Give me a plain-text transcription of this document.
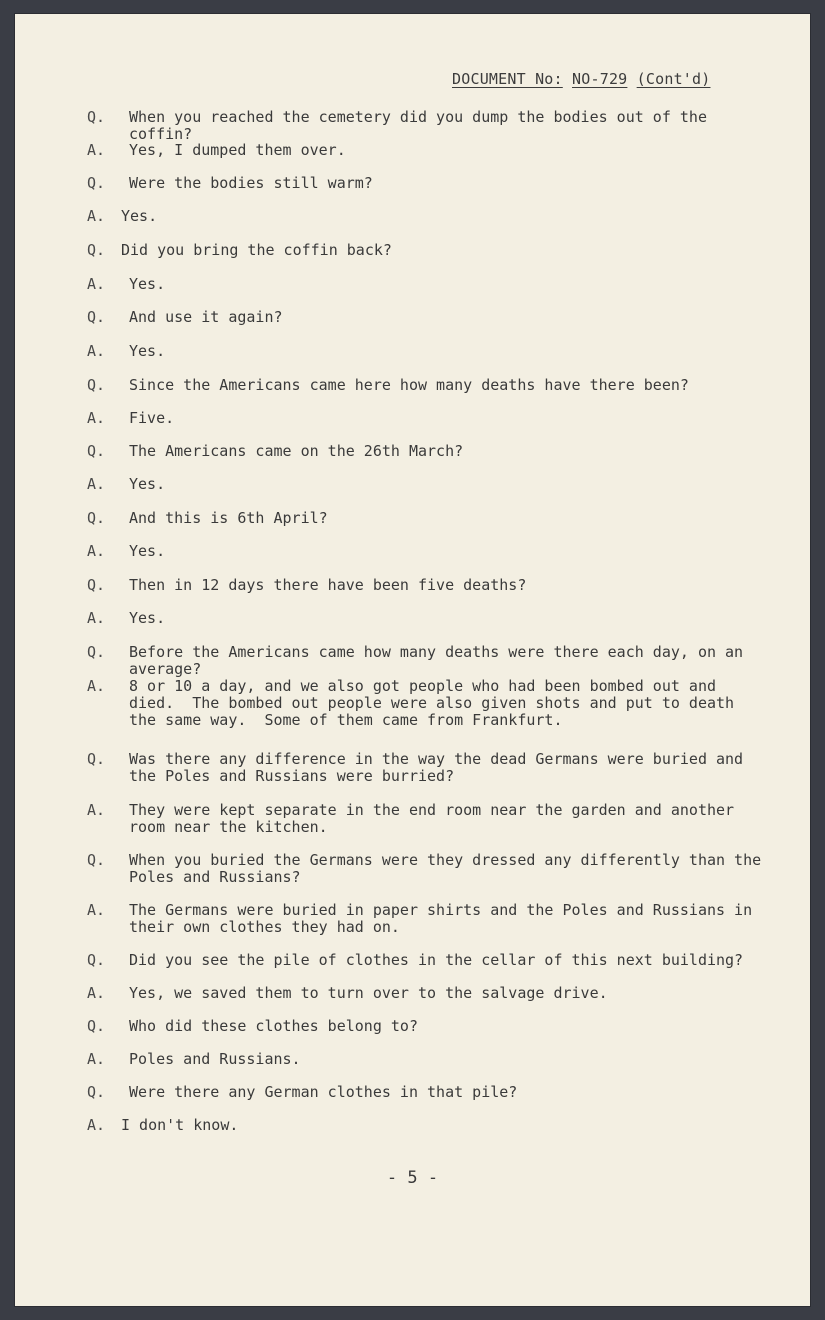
DOCUMENT No: NO-729 (Cont'd)
Q.	When you reached the cemetery did you dump the bodies out of the coffin?
A.	Yes, I dumped them over.
Q.	Were the bodies still warm?
A.	Yes.
Q.	Did you bring the coffin back?
A.	Yes.
Q.	And use it again?
A.	Yes.
Q.	Since the Americans came here how many deaths have there been?
A.	Five.
Q.	The Americans came on the 26th March?
A.	Yes.
Q.	And this is 6th April?
A.	Yes.
Q.	Then in 12 days there have been five deaths?
A.	Yes.
Q.	Before the Americans came how many deaths were there each day, on an average?
A.	8 or 10 a day, and we also got people who had been bombed out and died.  The bombed out people were also given shots and put to death the same way.  Some of them came from Frankfurt.
Q.	Was there any difference in the way the dead Germans were buried and the Poles and Russians were burried?
A.	They were kept separate in the end room near the garden and another room near the kitchen.
Q.	When you buried the Germans were they dressed any differently than the Poles and Russians?
A.	The Germans were buried in paper shirts and the Poles and Russians in their own clothes they had on.
Q.	Did you see the pile of clothes in the cellar of this next building?
A.	Yes, we saved them to turn over to the salvage drive.
Q.	Who did these clothes belong to?
A.	Poles and Russians.
Q.	Were there any German clothes in that pile?
A.	I don't know.
- 5 -
